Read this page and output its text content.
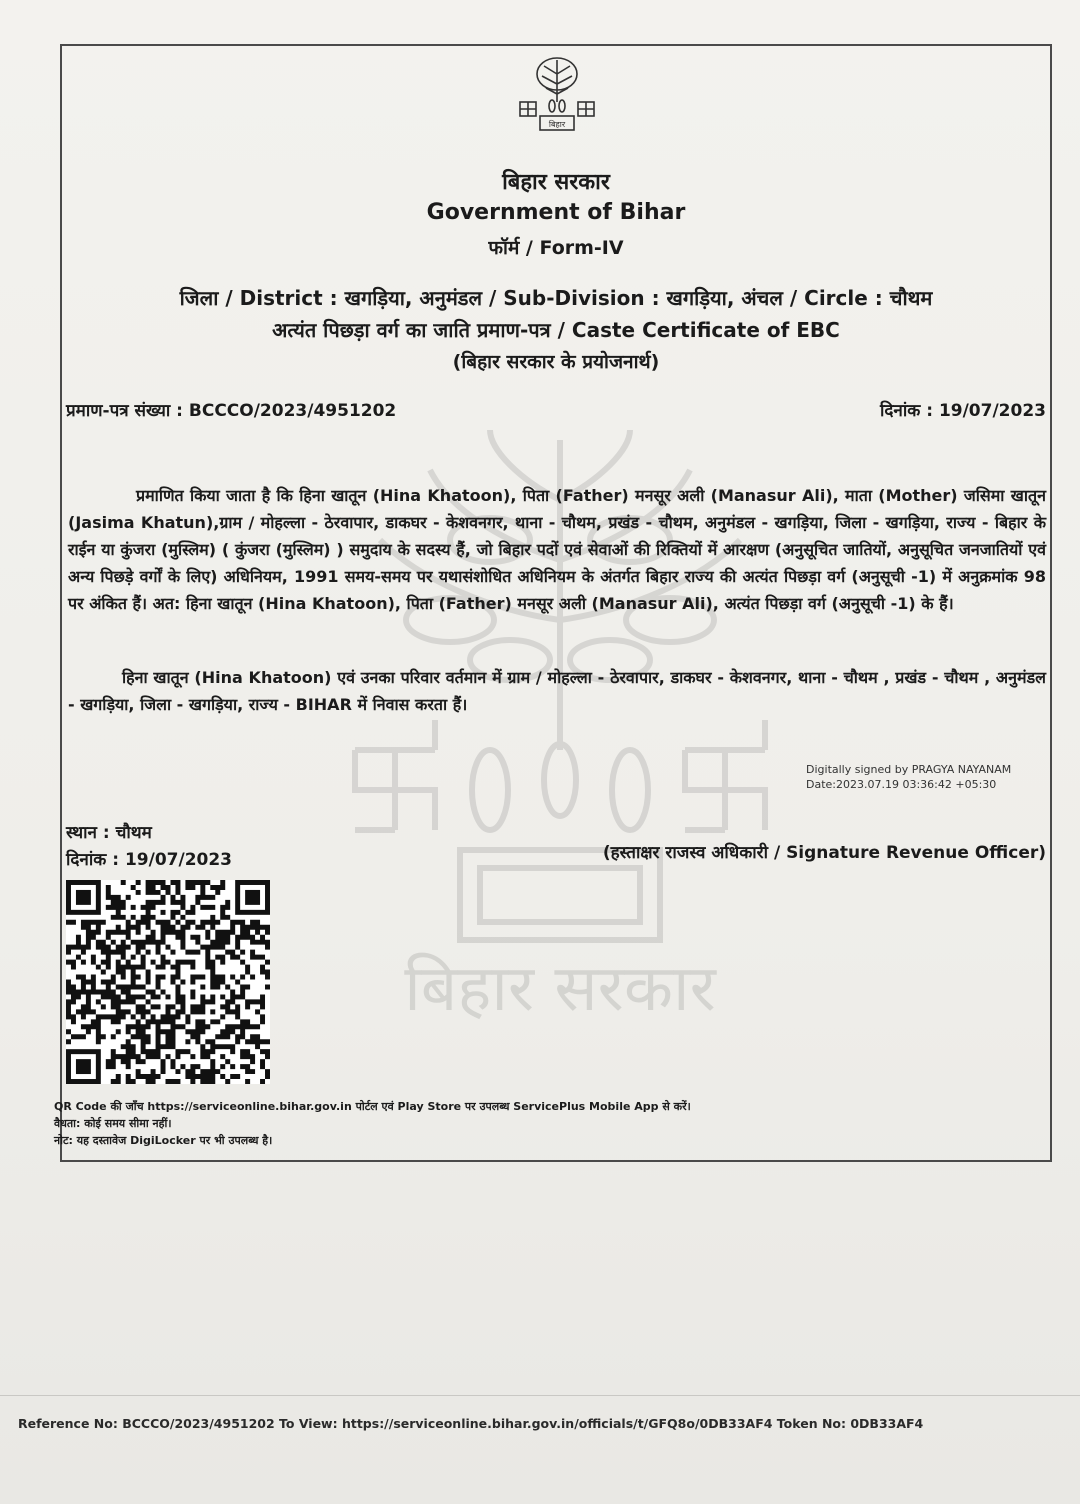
बिहार
बिहार सरकार
बिहार सरकार
Government of Bihar
फॉर्म / Form-IV
जिला / District : खगड़िया, अनुमंडल / Sub-Division : खगड़िया, अंचल / Circle : चौथम
अत्यंत पिछड़ा वर्ग का जाति प्रमाण-पत्र / Caste Certificate of EBC
(बिहार सरकार के प्रयोजनार्थ)
प्रमाण-पत्र संख्या : BCCCO/2023/4951202	दिनांक : 19/07/2023
प्रमाणित किया जाता है कि हिना खातून (Hina Khatoon), पिता (Father) मनसूर अली (Manasur Ali), माता (Mother) जसिमा खातून (Jasima Khatun),ग्राम / मोहल्ला - ठेरवापार, डाकघर - केशवनगर, थाना - चौथम, प्रखंड - चौथम, अनुमंडल - खगड़िया, जिला - खगड़िया, राज्य - बिहार के राईन या कुंजरा (मुस्लिम) ( कुंजरा (मुस्लिम) ) समुदाय के सदस्य हैं, जो बिहार पदों एवं सेवाओं की रिक्तियों में आरक्षण (अनुसूचित जातियों, अनुसूचित जनजातियों एवं अन्य पिछड़े वर्गों के लिए) अधिनियम, 1991 समय-समय पर यथासंशोधित अधिनियम के अंतर्गत बिहार राज्य की अत्यंत पिछड़ा वर्ग (अनुसूची -1) में अनुक्रमांक 98 पर अंकित हैं। अत: हिना खातून (Hina Khatoon), पिता (Father) मनसूर अली (Manasur Ali), अत्यंत पिछड़ा वर्ग (अनुसूची -1) के हैं।
हिना खातून (Hina Khatoon) एवं उनका परिवार वर्तमान में ग्राम / मोहल्ला - ठेरवापार, डाकघर - केशवनगर, थाना - चौथम , प्रखंड - चौथम , अनुमंडल - खगड़िया, जिला - खगड़िया, राज्य - BIHAR में निवास करता हैं।
Digitally signed by PRAGYA NAYANAM
Date:2023.07.19 03:36:42 +05:30
स्थान : चौथम
दिनांक : 19/07/2023	(हस्ताक्षर राजस्व अधिकारी / Signature Revenue Officer)
QR Code की जाँच https://serviceonline.bihar.gov.in पोर्टल एवं Play Store पर उपलब्ध ServicePlus Mobile App से करें।
वैधता: कोई समय सीमा नहीं।
नोट: यह दस्तावेज DigiLocker पर भी उपलब्ध है।
Reference No: BCCCO/2023/4951202 To View: https://serviceonline.bihar.gov.in/officials/t/GFQ8o/0DB33AF4 Token No: 0DB33AF4
